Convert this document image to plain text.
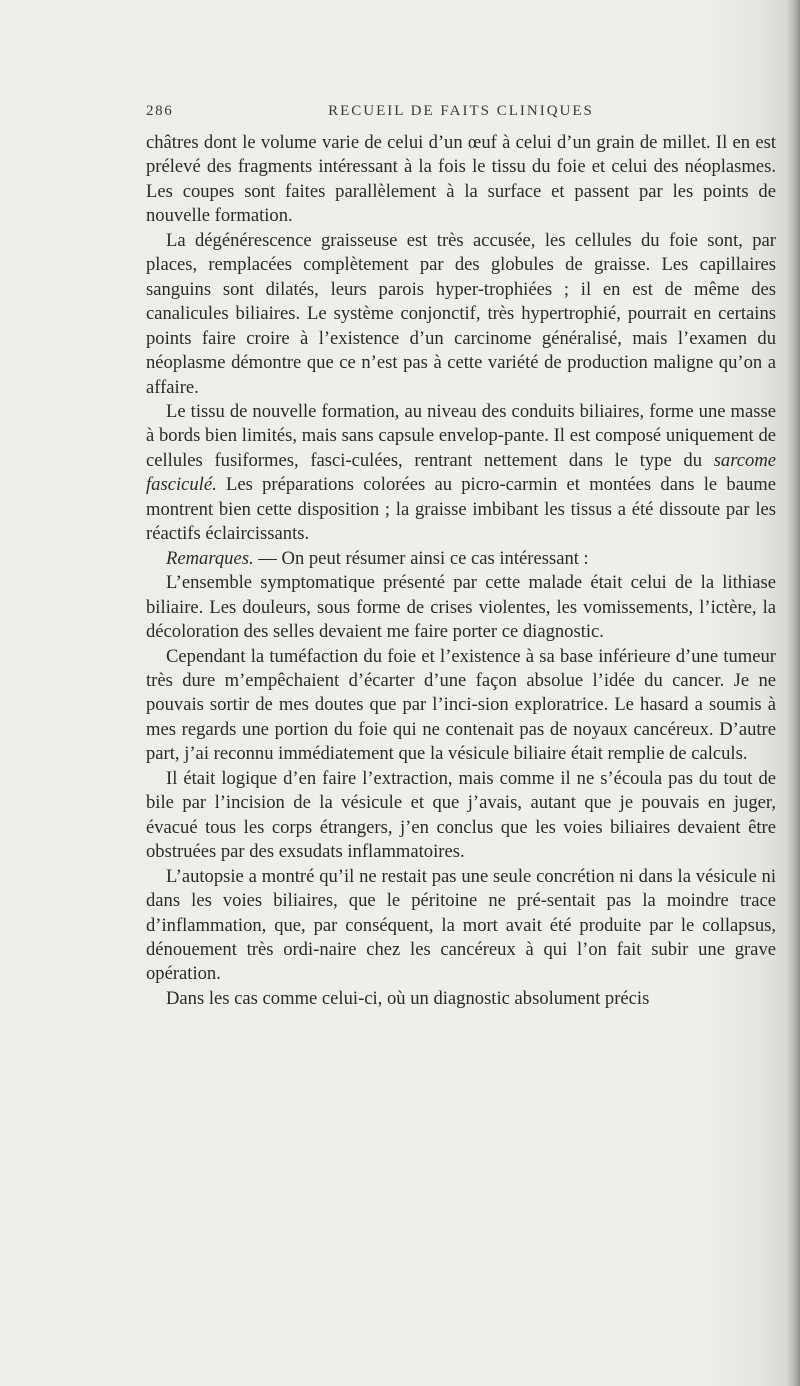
286	RECUEIL DE FAITS CLINIQUES

châtres dont le volume varie de celui d’un œuf à celui d’un grain de millet. Il en est prélevé des fragments intéressant à la fois le tissu du foie et celui des néoplasmes. Les coupes sont faites parallèlement à la surface et passent par les points de nouvelle formation.

La dégénérescence graisseuse est très accusée, les cellules du foie sont, par places, remplacées complètement par des globules de graisse. Les capillaires sanguins sont dilatés, leurs parois hyper-trophiées ; il en est de même des canalicules biliaires. Le système conjonctif, très hypertrophié, pourrait en certains points faire croire à l’existence d’un carcinome généralisé, mais l’examen du néoplasme démontre que ce n’est pas à cette variété de production maligne qu’on a affaire.

Le tissu de nouvelle formation, au niveau des conduits biliaires, forme une masse à bords bien limités, mais sans capsule envelop-pante. Il est composé uniquement de cellules fusiformes, fasci-culées, rentrant nettement dans le type du sarcome fasciculé. Les préparations colorées au picro-carmin et montées dans le baume montrent bien cette disposition ; la graisse imbibant les tissus a été dissoute par les réactifs éclaircissants.

Remarques. — On peut résumer ainsi ce cas intéressant :

L’ensemble symptomatique présenté par cette malade était celui de la lithiase biliaire. Les douleurs, sous forme de crises violentes, les vomissements, l’ictère, la décoloration des selles devaient me faire porter ce diagnostic.

Cependant la tuméfaction du foie et l’existence à sa base inférieure d’une tumeur très dure m’empêchaient d’écarter d’une façon absolue l’idée du cancer. Je ne pouvais sortir de mes doutes que par l’inci-sion exploratrice. Le hasard a soumis à mes regards une portion du foie qui ne contenait pas de noyaux cancéreux. D’autre part, j’ai reconnu immédiatement que la vésicule biliaire était remplie de calculs.

Il était logique d’en faire l’extraction, mais comme il ne s’écoula pas du tout de bile par l’incision de la vésicule et que j’avais, autant que je pouvais en juger, évacué tous les corps étrangers, j’en conclus que les voies biliaires devaient être obstruées par des exsudats inflammatoires.

L’autopsie a montré qu’il ne restait pas une seule concrétion ni dans la vésicule ni dans les voies biliaires, que le péritoine ne pré-sentait pas la moindre trace d’inflammation, que, par conséquent, la mort avait été produite par le collapsus, dénouement très ordi-naire chez les cancéreux à qui l’on fait subir une grave opération.

Dans les cas comme celui-ci, où un diagnostic absolument précis
